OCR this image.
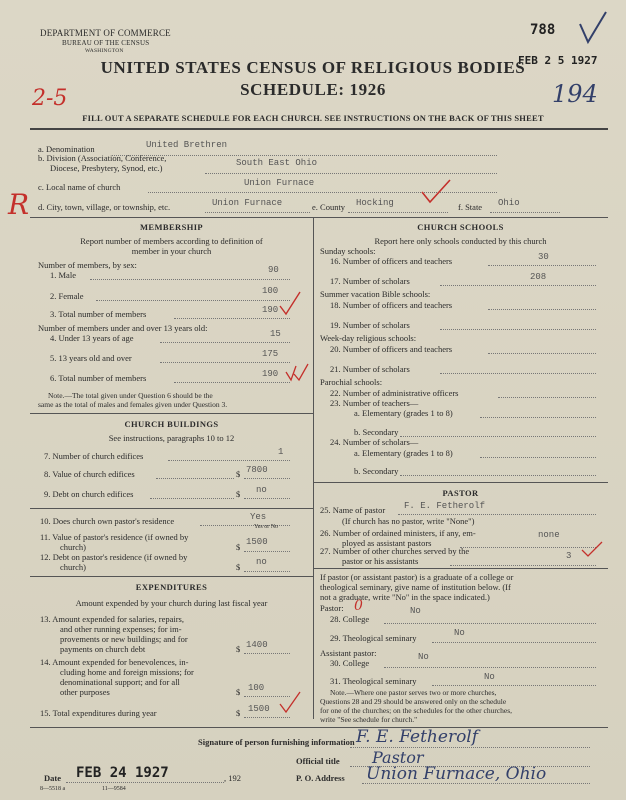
DEPARTMENT OF COMMERCE
BUREAU OF THE CENSUS
WASHINGTON
788
FEB 2 5 1927
UNITED STATES CENSUS OF RELIGIOUS BODIES
SCHEDULE: 1926
2-5	194
FILL OUT A SEPARATE SCHEDULE FOR EACH CHURCH. SEE INSTRUCTIONS ON THE BACK OF THIS SHEET
a. Denomination	United Brethren
b. Division (Association, Conference,
Diocese, Presbytery, Synod, etc.)	South East Ohio
c. Local name of church	Union Furnace
R d. City, town, village, or township, etc.	Union Furnace	e. County Hocking	f. State Ohio
MEMBERSHIP
Report number of members according to definition of
member in your church
Number of members, by sex:
1. Male	90
2. Female	100
3. Total number of members	190
Number of members under and over 13 years old:
4. Under 13 years of age	15
5. 13 years old and over	175
6. Total number of members	190
Note.—The total given under Question 6 should be the
same as the total of males and females given under Question 3.
CHURCH BUILDINGS
See instructions, paragraphs 10 to 12
7. Number of church edifices	1
8. Value of church edifices	$ 7800
9. Debt on church edifices	$ no
10. Does church own pastor's residence	Yes
Yes or No
11. Value of pastor's residence (if owned by
church)	$ 1500
12. Debt on pastor's residence (if owned by
church)	$ no
EXPENDITURES
Amount expended by your church during last fiscal year
13. Amount expended for salaries, repairs,
and other running expenses; for im-
provements or new buildings; and for
payments on church debt	$ 1400
14. Amount expended for benevolences, in-
cluding home and foreign missions; for
denominational support; and for all
other purposes	$ 100
15. Total expenditures during year	$ 1500
CHURCH SCHOOLS
Report here only schools conducted by this church
Sunday schools:
16. Number of officers and teachers	30
17. Number of scholars	208
Summer vacation Bible schools:
18. Number of officers and teachers
19. Number of scholars
Week-day religious schools:
20. Number of officers and teachers
21. Number of scholars
Parochial schools:
22. Number of administrative officers
23. Number of teachers—
a. Elementary (grades 1 to 8)
b. Secondary
24. Number of scholars—
a. Elementary (grades 1 to 8)
b. Secondary
PASTOR
25. Name of pastor F. E. Fetherolf
(If church has no pastor, write "None")
26. Number of ordained ministers, if any, em-
ployed as assistant pastors
none
27. Number of other churches served by the
pastor or his assistants	3
If pastor (or assistant pastor) is a graduate of a college or
theological seminary, give name of institution below. (If
not a graduate, write "No" in the space indicated.)
Pastor: 0
28. College
No
29. Theological seminary	No
Assistant pastor:
30. College
No
31. Theological seminary	No
Note.—Where one pastor serves two or more churches,
Questions 28 and 29 should be answered only on the schedule
for one of the churches; on the schedules for the other churches,
write "See schedule for church."
Signature of person furnishing information F. E. Fetherolf
Official title Pastor
Date FEB 24 1927	, 192	P. O. Address Union Furnace, Ohio
8—5518 a	11—9584
